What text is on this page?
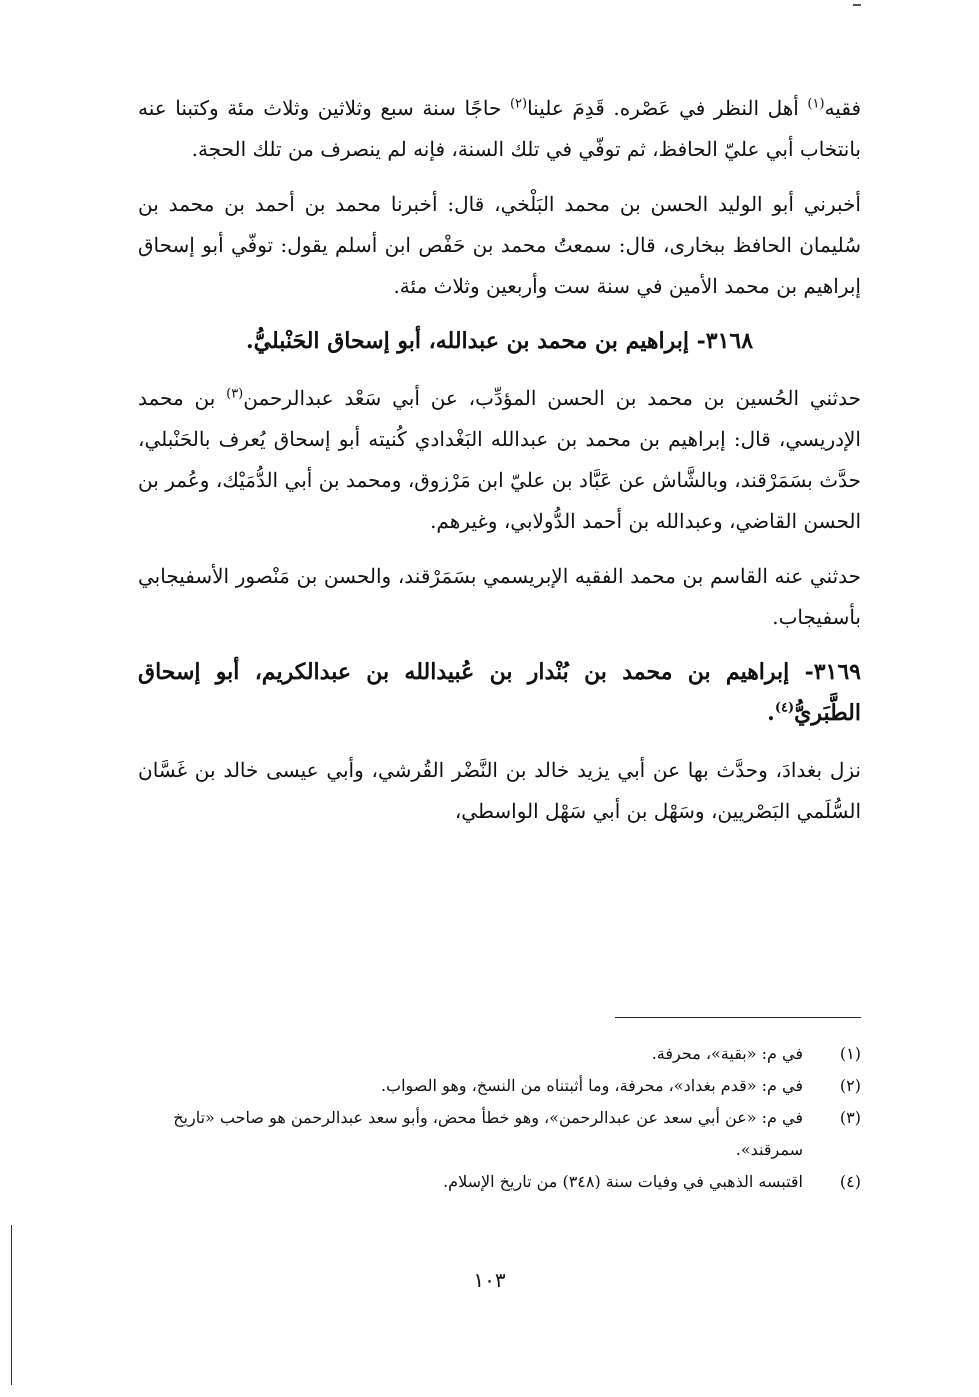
فقيه$^{(١)}$ أهل النظر في عَصْره. قَدِمَ علينا$^{(٢)}$ حاجًا سنة سبع وثلاثين وثلاث مئة وكتبنا عنه بانتخاب أبي عليّ الحافظ، ثم توفّي في تلك السنة، فإنه لم ينصرف من تلك الحجة.

أخبرني أبو الوليد الحسن بن محمد البَلْخي، قال: أخبرنا محمد بن أحمد بن محمد بن سُليمان الحافظ ببخارى، قال: سمعتُ محمد بن حَفْص ابن أسلم يقول: توفّي أبو إسحاق إبراهيم بن محمد الأمين في سنة ست وأربعين وثلاث مئة.

٣١٦٨- إبراهيم بن محمد بن عبدالله، أبو إسحاق الحَنْبليُّ.

حدثني الحُسين بن محمد بن الحسن المؤدِّب، عن أبي سَعْد عبدالرحمن$^{(٣)}$ بن محمد الإدريسي، قال: إبراهيم بن محمد بن عبدالله البَغْدادي كُنيته أبو إسحاق يُعرف بالحَنْبلي، حدَّث بسَمَرْقند، وبالشَّاش عن عَبَّاد بن عليّ ابن مَرْزوق، ومحمد بن أبي الدُّمَيْك، وعُمر بن الحسن القاضي، وعبدالله بن أحمد الدُّولابي، وغيرهم.

حدثني عنه القاسم بن محمد الفقيه الإبريسمي بسَمَرْقند، والحسن بن مَنْصور الأسفيجابي بأسفيجاب.

٣١٦٩- إبراهيم بن محمد بن بُنْدار بن عُبيدالله بن عبدالكريم، أبو إسحاق الطَّبَريُّ$^{(٤)}$.

نزل بغدادَ، وحدَّث بها عن أبي يزيد خالد بن النَّضْر القُرشي، وأبي عيسى خالد بن غَسَّان السُّلَمي البَصْريين، وسَهْل بن أبي سَهْل الواسطي،

(١)
في م: «بقية»، محرفة.
(٢)
في م: «قدم بغداد»، محرفة، وما أثبتناه من النسخ، وهو الصواب.
(٣)
في م: «عن أبي سعد عن عبدالرحمن»، وهو خطأ محض، وأبو سعد عبدالرحمن هو صاحب «تاريخ سمرقند».
(٤)
اقتبسه الذهبي في وفيات سنة (٣٤٨) من تاريخ الإسلام.
١٠٣
